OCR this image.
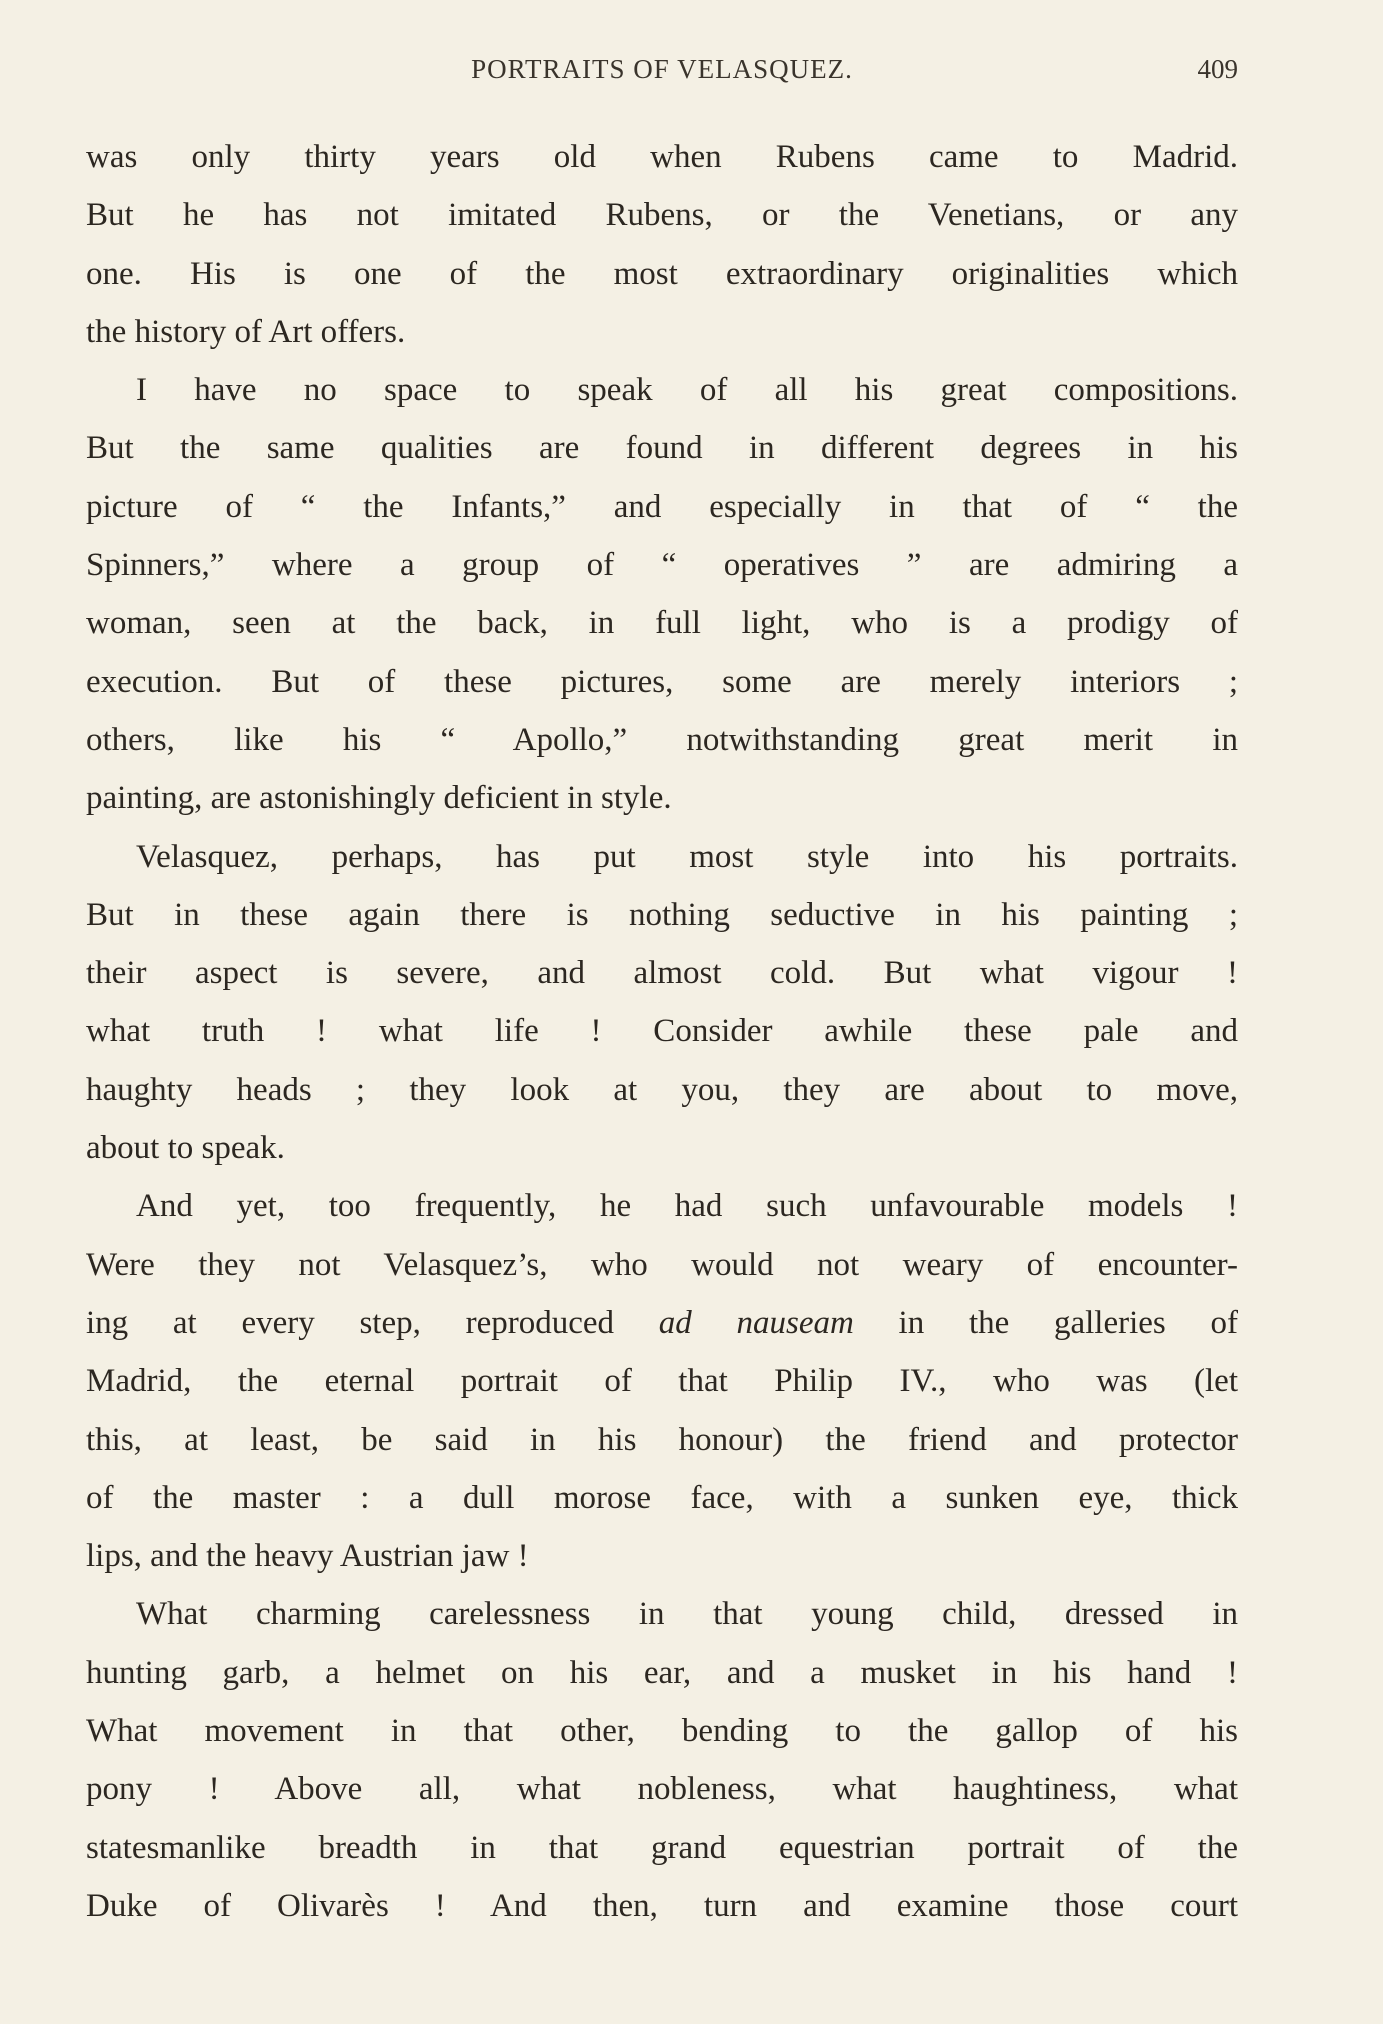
PORTRAITS OF VELASQUEZ.	409
was only thirty years old when Rubens came to Madrid.
But he has not imitated Rubens, or the Venetians, or any
one. His is one of the most extraordinary originalities which
the history of Art offers.
I have no space to speak of all his great compositions.
But the same qualities are found in different degrees in his
picture of “ the Infants,” and especially in that of “ the
Spinners,” where a group of “ operatives ” are admiring a
woman, seen at the back, in full light, who is a prodigy of
execution. But of these pictures, some are merely interiors ;
others, like his “ Apollo,” notwithstanding great merit in
painting, are astonishingly deficient in style.
Velasquez, perhaps, has put most style into his portraits.
But in these again there is nothing seductive in his painting ;
their aspect is severe, and almost cold. But what vigour !
what truth ! what life ! Consider awhile these pale and
haughty heads ; they look at you, they are about to move,
about to speak.
And yet, too frequently, he had such unfavourable models !
Were they not Velasquez’s, who would not weary of encounter-
ing at every step, reproduced ad nauseam in the galleries of
Madrid, the eternal portrait of that Philip IV., who was (let
this, at least, be said in his honour) the friend and protector
of the master : a dull morose face, with a sunken eye, thick
lips, and the heavy Austrian jaw !
What charming carelessness in that young child, dressed in
hunting garb, a helmet on his ear, and a musket in his hand !
What movement in that other, bending to the gallop of his
pony ! Above all, what nobleness, what haughtiness, what
statesmanlike breadth in that grand equestrian portrait of the
Duke of Olivarès ! And then, turn and examine those court
